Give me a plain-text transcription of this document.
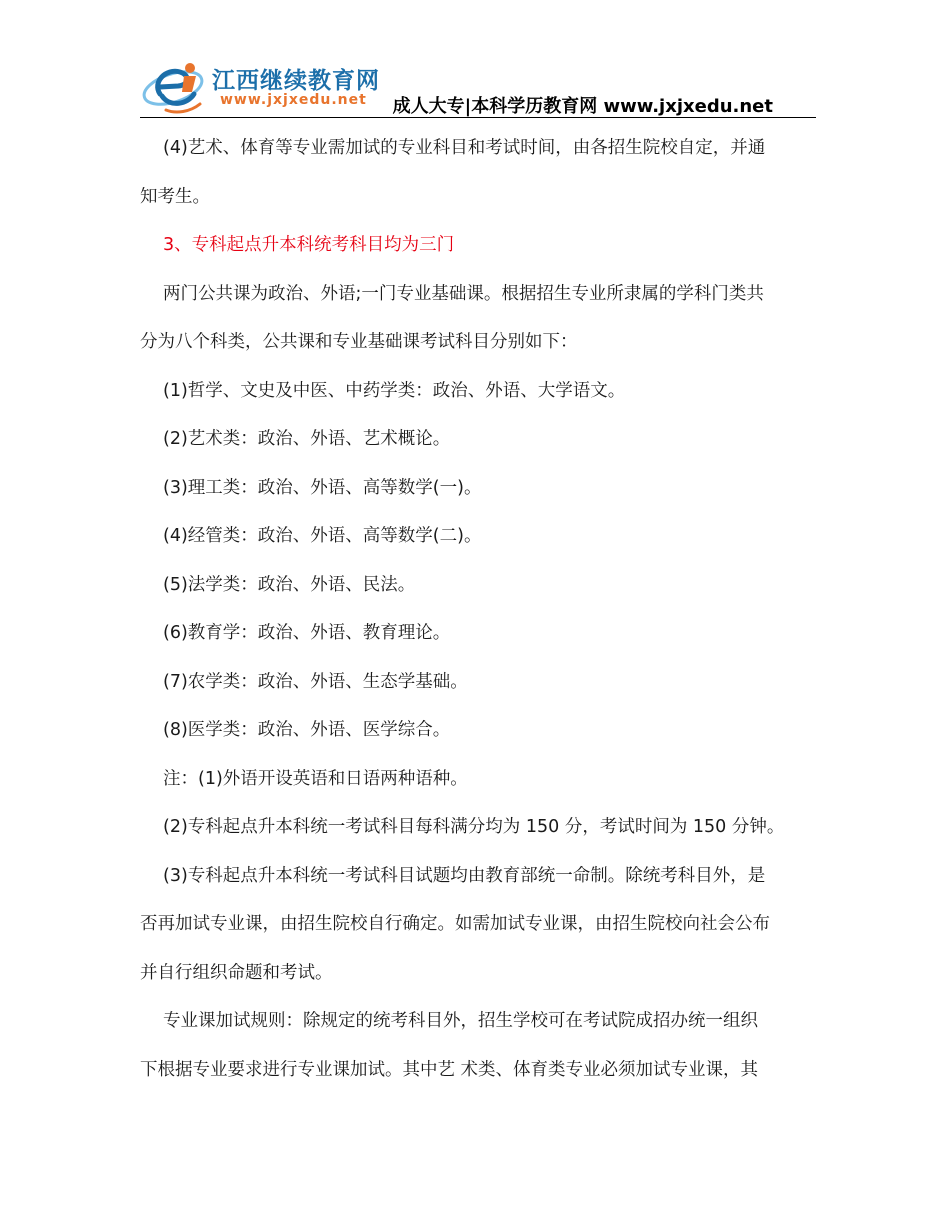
江西继续教育网
www.jxjxedu.net 成人大专|本科学历教育网 www.jxjxedu.net

(4)艺术、体育等专业需加试的专业科目和考试时间，由各招生院校自定，并通

知考生。

3、专科起点升本科统考科目均为三门

两门公共课为政治、外语;一门专业基础课。根据招生专业所隶属的学科门类共

分为八个科类，公共课和专业基础课考试科目分别如下：

(1)哲学、文史及中医、中药学类：政治、外语、大学语文。

(2)艺术类：政治、外语、艺术概论。

(3)理工类：政治、外语、高等数学(一)。

(4)经管类：政治、外语、高等数学(二)。

(5)法学类：政治、外语、民法。

(6)教育学：政治、外语、教育理论。

(7)农学类：政治、外语、生态学基础。

(8)医学类：政治、外语、医学综合。

注：(1)外语开设英语和日语两种语种。

(2)专科起点升本科统一考试科目每科满分均为 150 分，考试时间为 150 分钟。

(3)专科起点升本科统一考试科目试题均由教育部统一命制。除统考科目外，是

否再加试专业课，由招生院校自行确定。如需加试专业课，由招生院校向社会公布

并自行组织命题和考试。

专业课加试规则：除规定的统考科目外，招生学校可在考试院成招办统一组织

下根据专业要求进行专业课加试。其中艺 术类、体育类专业必须加试专业课，其
